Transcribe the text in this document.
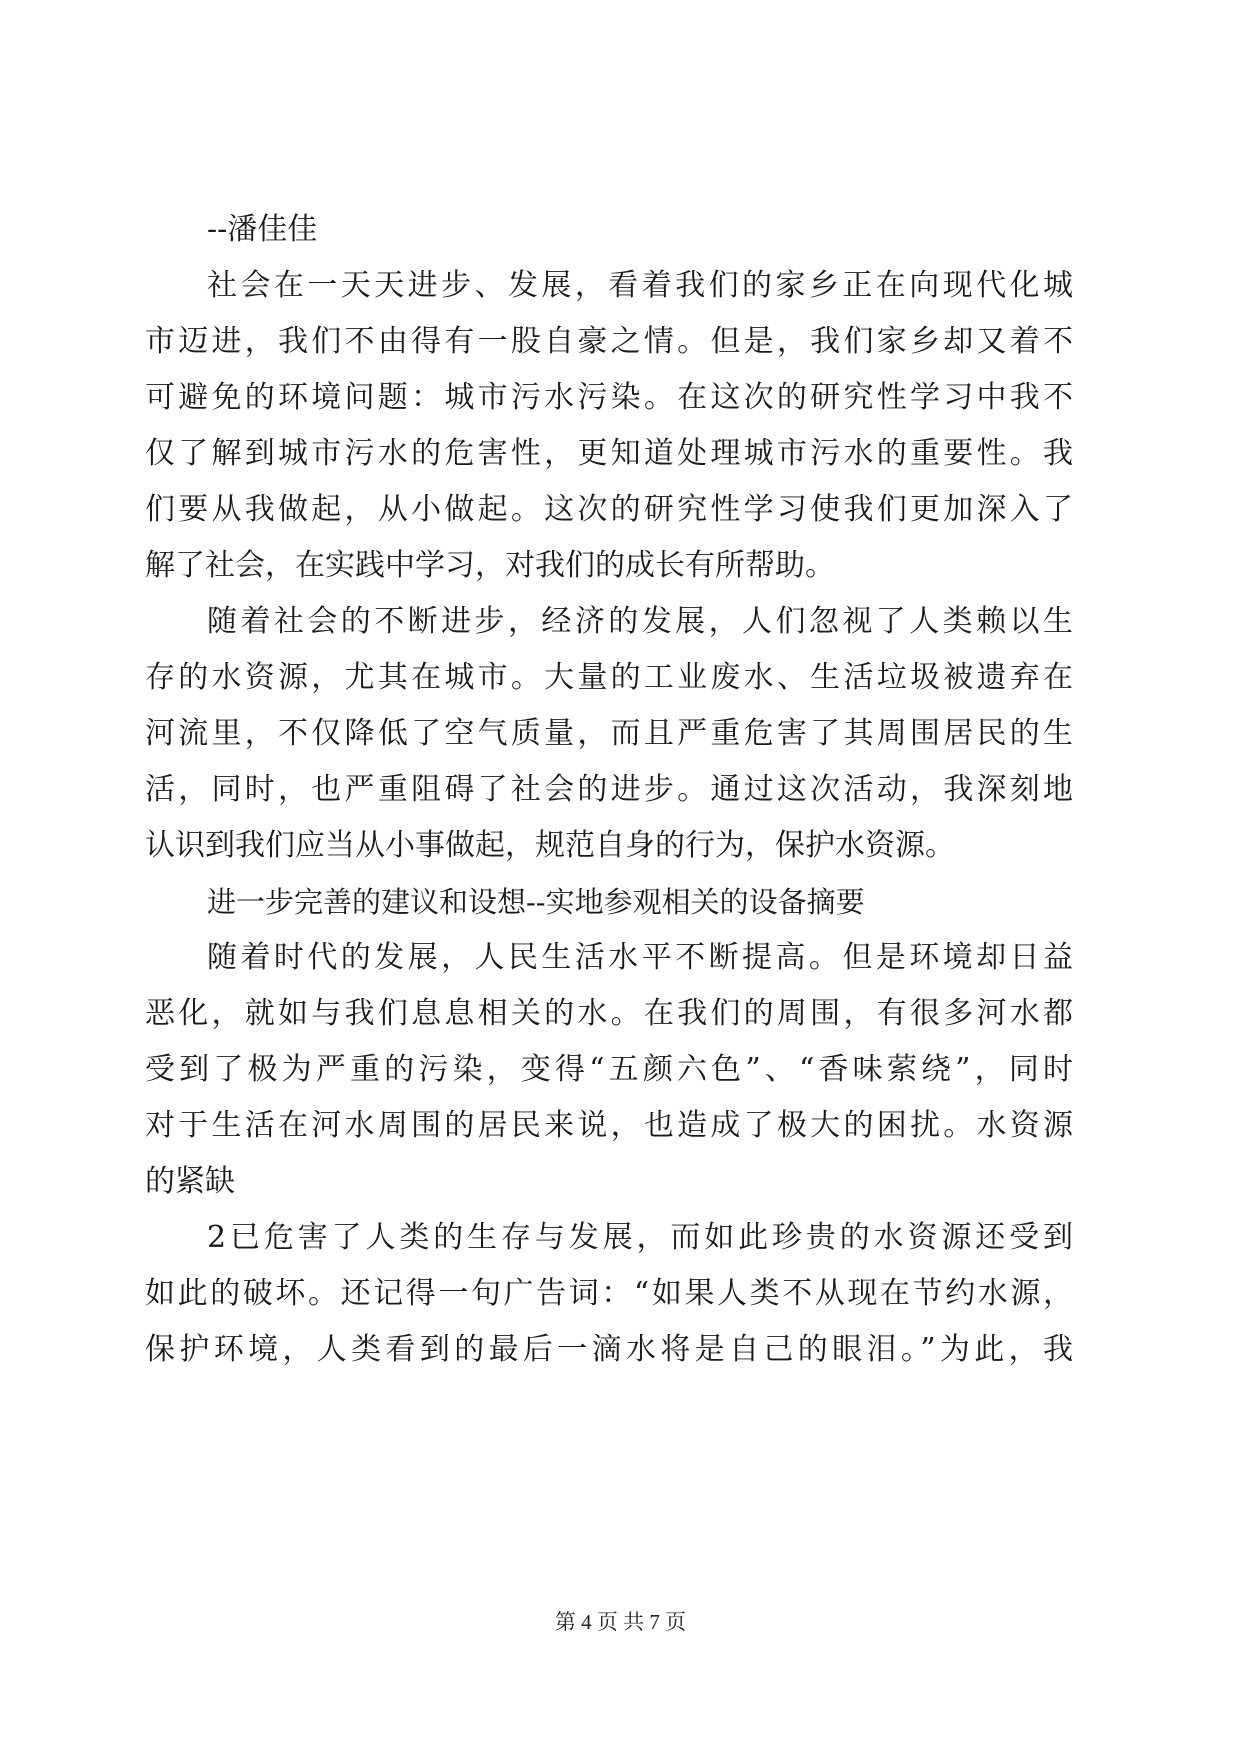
--潘佳佳
社会在一天天进步、发展，看着我们的家乡正在向现代化城
市迈进，我们不由得有一股自豪之情。但是，我们家乡却又着不
可避免的环境问题：城市污水污染。在这次的研究性学习中我不
仅了解到城市污水的危害性，更知道处理城市污水的重要性。我
们要从我做起，从小做起。这次的研究性学习使我们更加深入了
解了社会，在实践中学习，对我们的成长有所帮助。
随着社会的不断进步，经济的发展，人们忽视了人类赖以生
存的水资源，尤其在城市。大量的工业废水、生活垃圾被遗弃在
河流里，不仅降低了空气质量，而且严重危害了其周围居民的生
活，同时，也严重阻碍了社会的进步。通过这次活动，我深刻地
认识到我们应当从小事做起，规范自身的行为，保护水资源。
进一步完善的建议和设想--实地参观相关的设备摘要
随着时代的发展，人民生活水平不断提高。但是环境却日益
恶化，就如与我们息息相关的水。在我们的周围，有很多河水都
受到了极为严重的污染，变得“五颜六色”、“香味萦绕”，同时
对于生活在河水周围的居民来说，也造成了极大的困扰。水资源
的紧缺
2已危害了人类的生存与发展，而如此珍贵的水资源还受到
如此的破坏。还记得一句广告词：“如果人类不从现在节约水源，
保护环境，人类看到的最后一滴水将是自己的眼泪。”为此，我
第 4 页 共 7 页
